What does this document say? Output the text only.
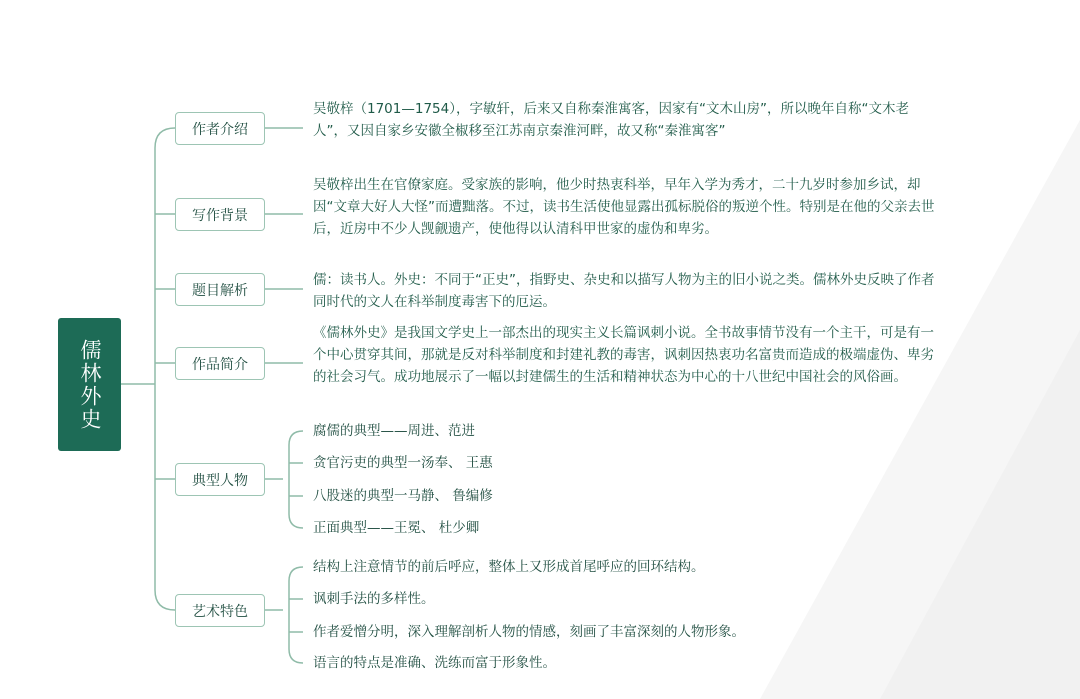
儒林外史
作者介绍
写作背景
题目解析
作品简介
典型人物
艺术特色
吴敬梓（1701—1754），字敏轩，后来又自称秦淮寓客，因家有“文木山房”，所以晚年自称“文木老人”，又因自家乡安徽全椒移至江苏南京秦淮河畔，故又称“秦淮寓客”
吴敬梓出生在官僚家庭。受家族的影响，他少时热衷科举，早年入学为秀才，二十九岁时参加乡试，却因“文章大好人大怪”而遭黜落。不过，读书生活使他显露出孤标脱俗的叛逆个性。特别是在他的父亲去世后，近房中不少人觊觎遗产，使他得以认清科甲世家的虚伪和卑劣。
儒：读书人。外史：不同于“正史”，指野史、杂史和以描写人物为主的旧小说之类。儒林外史反映了作者同时代的文人在科举制度毒害下的厄运。
《儒林外史》是我国文学史上一部杰出的现实主义长篇讽刺小说。全书故事情节没有一个主干，可是有一个中心贯穿其间，那就是反对科举制度和封建礼教的毒害，讽刺因热衷功名富贵而造成的极端虚伪、卑劣的社会习气。成功地展示了一幅以封建儒生的生活和精神状态为中心的十八世纪中国社会的风俗画。
腐儒的典型——周进、范进
贪官污吏的典型一汤奉、 王惠
八股迷的典型一马静、 鲁编修
正面典型——王冕、 杜少卿
结构上注意情节的前后呼应，整体上又形成首尾呼应的回环结构。
讽刺手法的多样性。
作者爱憎分明，深入理解剖析人物的情感，刻画了丰富深刻的人物形象。
语言的特点是准确、洗练而富于形象性。
